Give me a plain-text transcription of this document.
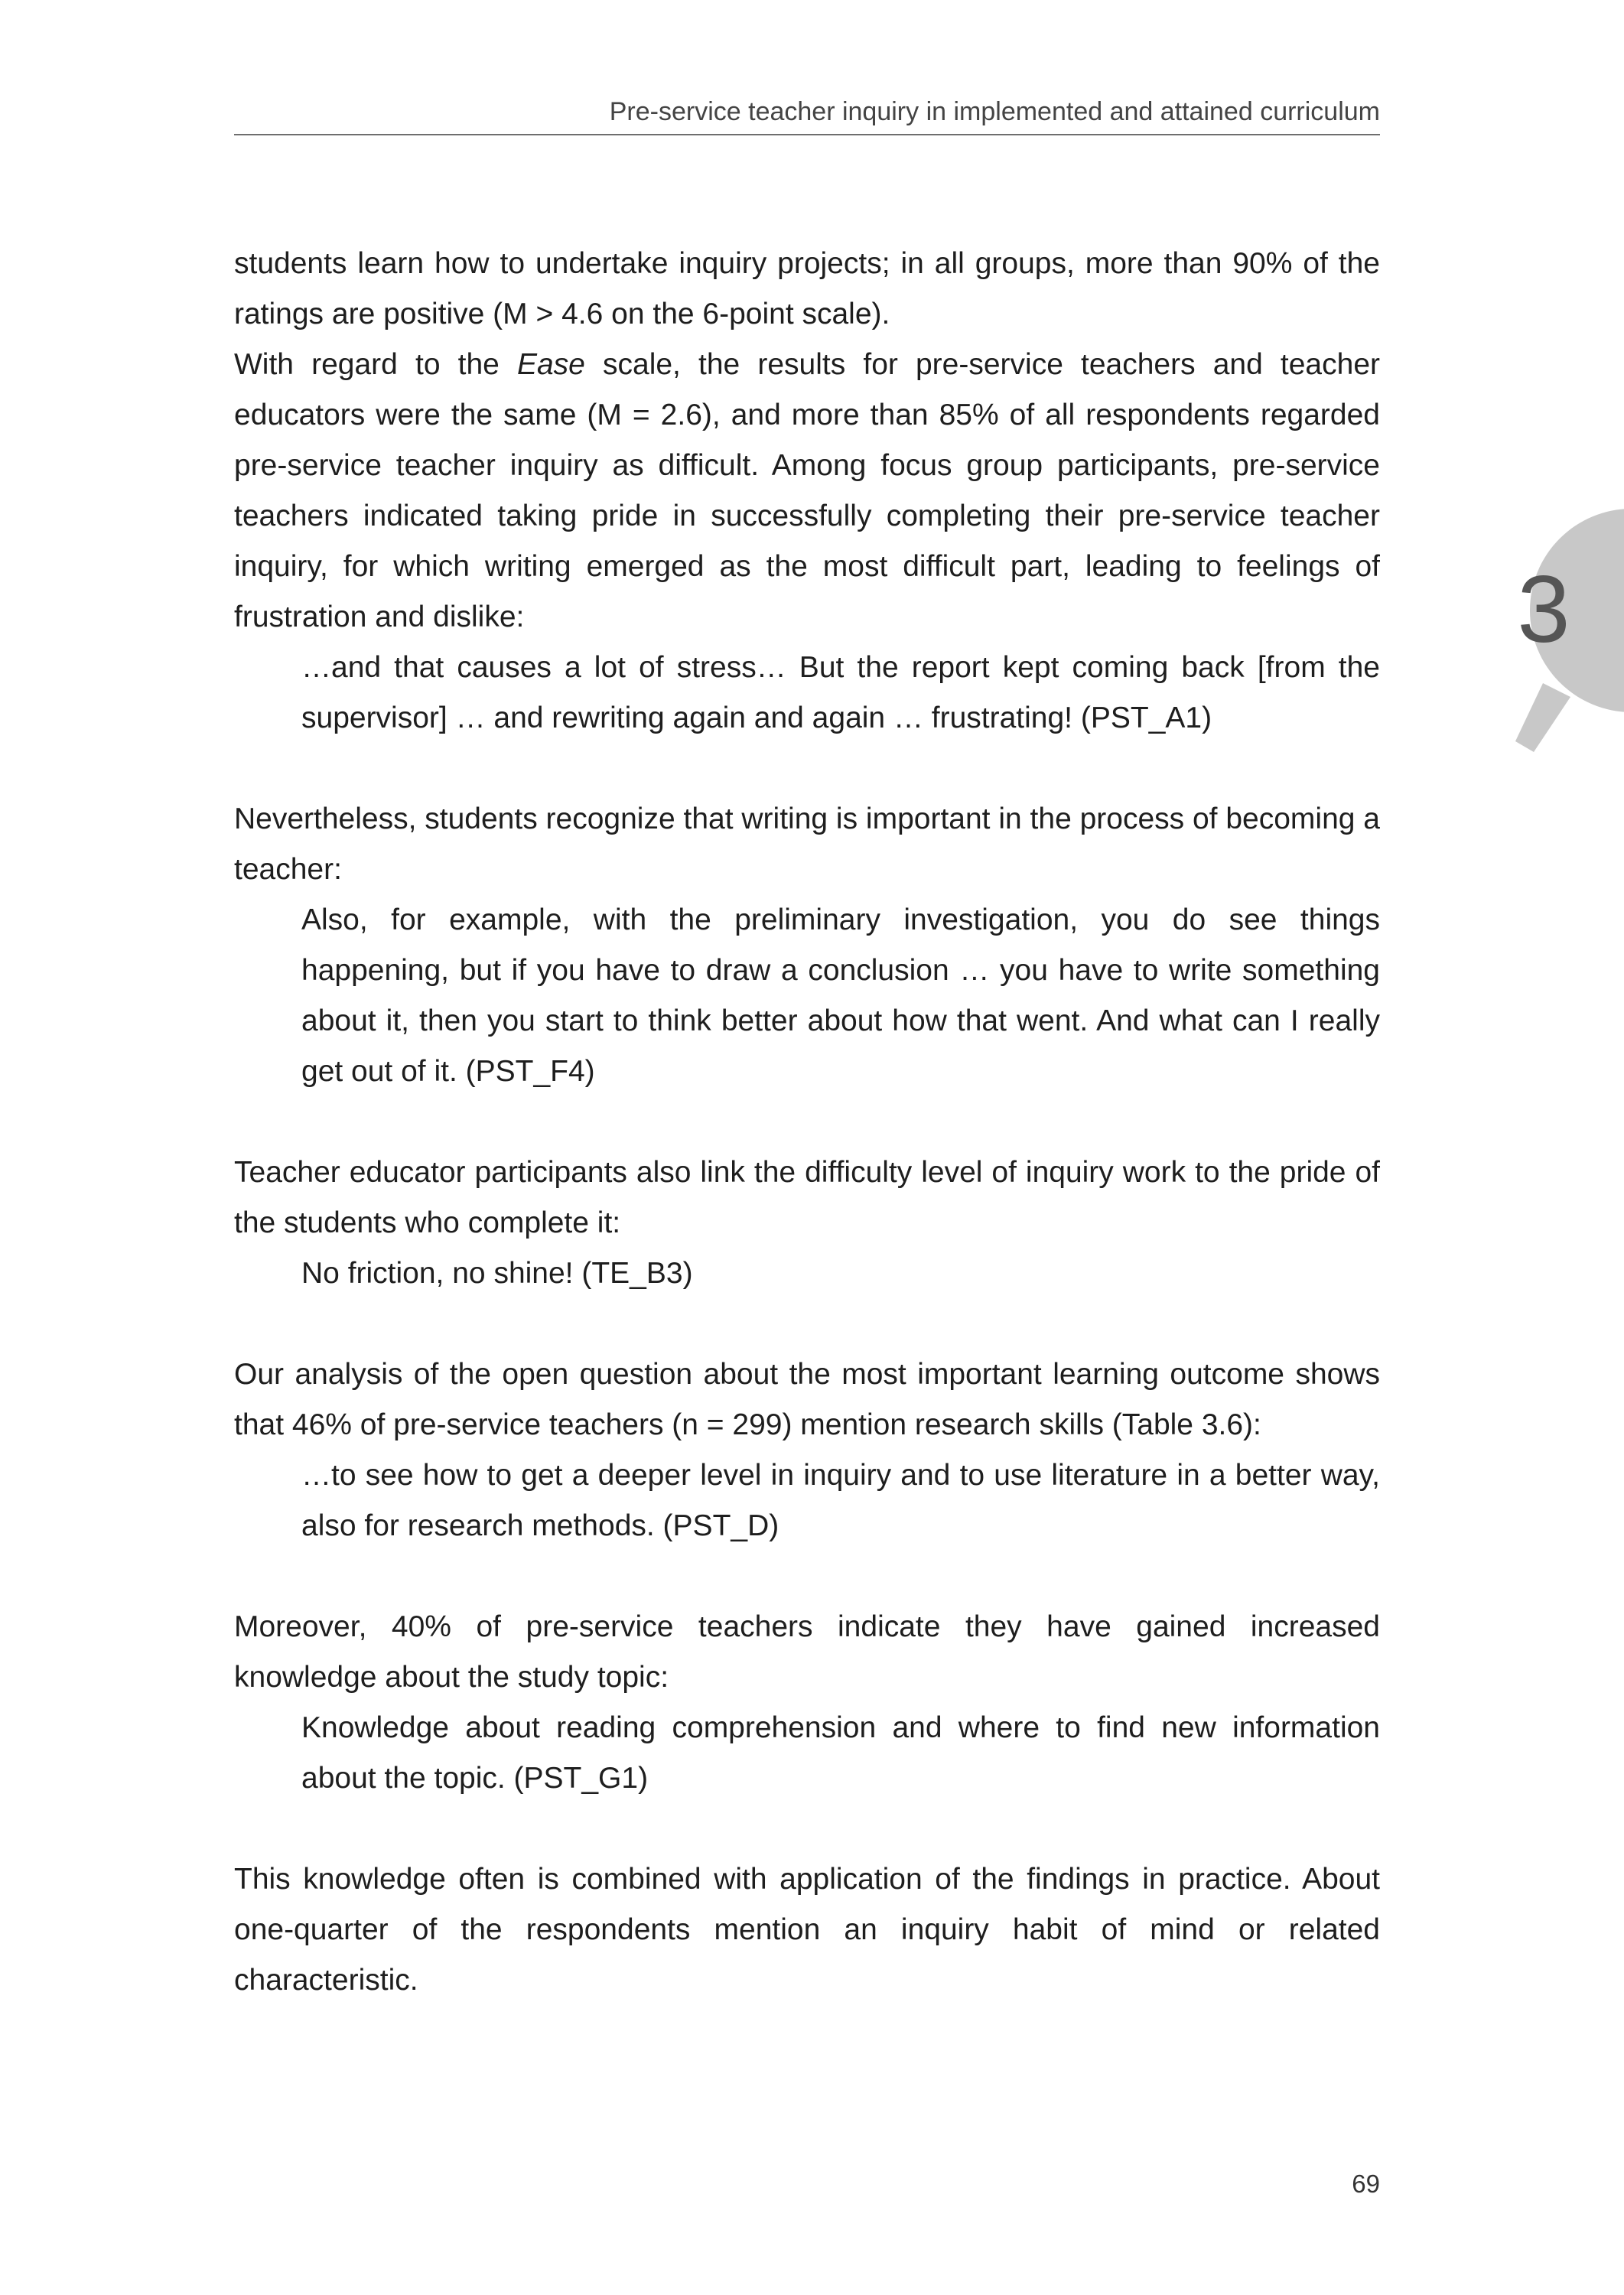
Pre-service teacher inquiry in implemented and attained curriculum
3

students learn how to undertake inquiry projects; in all groups, more than 90% of the ratings are positive (M > 4.6 on the 6-point scale).

With regard to the Ease scale, the results for pre-service teachers and teacher educators were the same (M = 2.6), and more than 85% of all respondents regarded pre-service teacher inquiry as difficult. Among focus group participants, pre-service teachers indicated taking pride in successfully completing their pre-service teacher inquiry, for which writing emerged as the most difficult part, leading to feelings of frustration and dislike:

…and that causes a lot of stress… But the report kept coming back [from the supervisor] … and rewriting again and again … frustrating! (PST_A1)

Nevertheless, students recognize that writing is important in the process of becoming a teacher:

Also, for example, with the preliminary investigation, you do see things happening, but if you have to draw a conclusion … you have to write something about it, then you start to think better about how that went. And what can I really get out of it. (PST_F4)

Teacher educator participants also link the difficulty level of inquiry work to the pride of the students who complete it:

No friction, no shine! (TE_B3)

Our analysis of the open question about the most important learning outcome shows that 46% of pre-service teachers (n = 299) mention research skills (Table 3.6):

…to see how to get a deeper level in inquiry and to use literature in a better way, also for research methods. (PST_D)

Moreover, 40% of pre-service teachers indicate they have gained increased knowledge about the study topic:

Knowledge about reading comprehension and where to find new information about the topic. (PST_G1)

This knowledge often is combined with application of the findings in practice. About one-quarter of the respondents mention an inquiry habit of mind or related characteristic.

69
